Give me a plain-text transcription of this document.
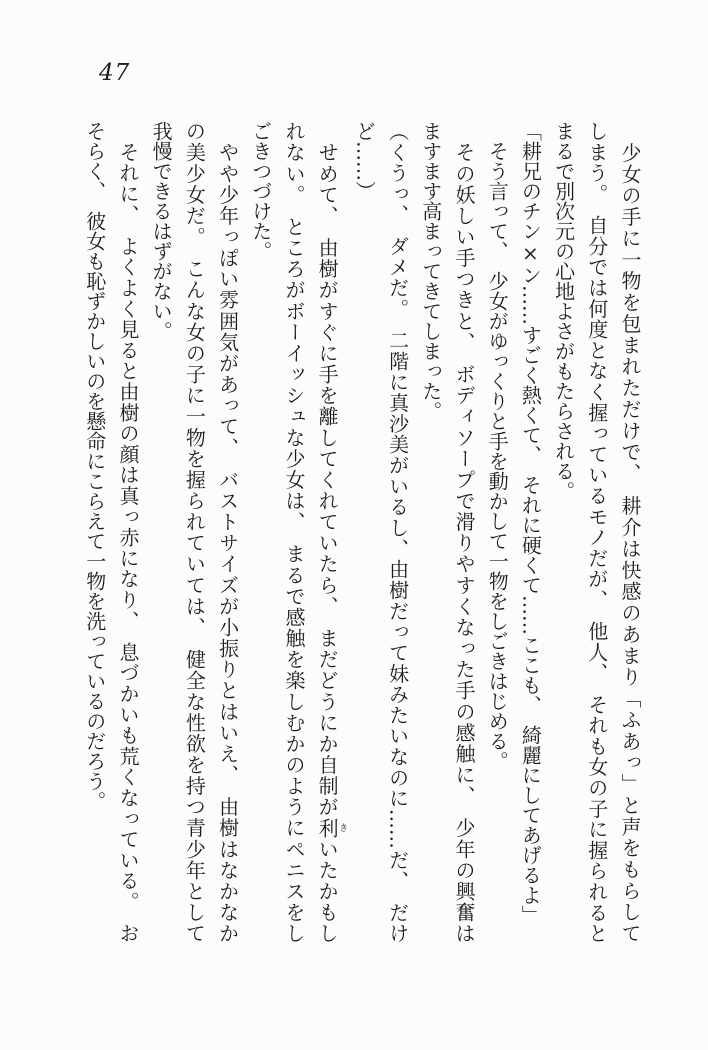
47
　少女の手に一物を包まれただけで、　耕介は快感のあまり「ふあっ」と声をもらして
しまう。　自分では何度となく握っているモノだが、　他人、　それも女の子に握られると
まるで別次元の心地よさがもたらされる。
「耕兄のチン×ン……すごく熱くて、　それに硬くて……ここも、　綺麗にしてあげるよ」
　そう言って、　少女がゆっくりと手を動かして一物をしごきはじめる。
　その妖しい手つきと、　ボディソープで滑りやすくなった手の感触に、　少年の興奮は
ますます高まってきてしまった。
（くうっ、　ダメだ。　二階に真沙美がいるし、由樹だって妹みたいなのに……だ、　だけ
ど……）
　せめて、　由樹がすぐに手を離してくれていたら、　まだどうにか自制が利きいたかもし
れない。　ところがボーイッシュな少女は、　まるで感触を楽しむかのようにペニスをし
ごきつづけた。
　やや少年っぽい雰囲気があって、　バストサイズが小振りとはいえ、　由樹はなかなか
の美少女だ。　こんな女の子に一物を握られていては、　健全な性欲を持つ青少年として
我慢できるはずがない。
　それに、　よくよく見ると由樹の顔は真っ赤になり、　息づかいも荒くなっている。　お
そらく、　彼女も恥ずかしいのを懸命にこらえて一物を洗っているのだろう。
